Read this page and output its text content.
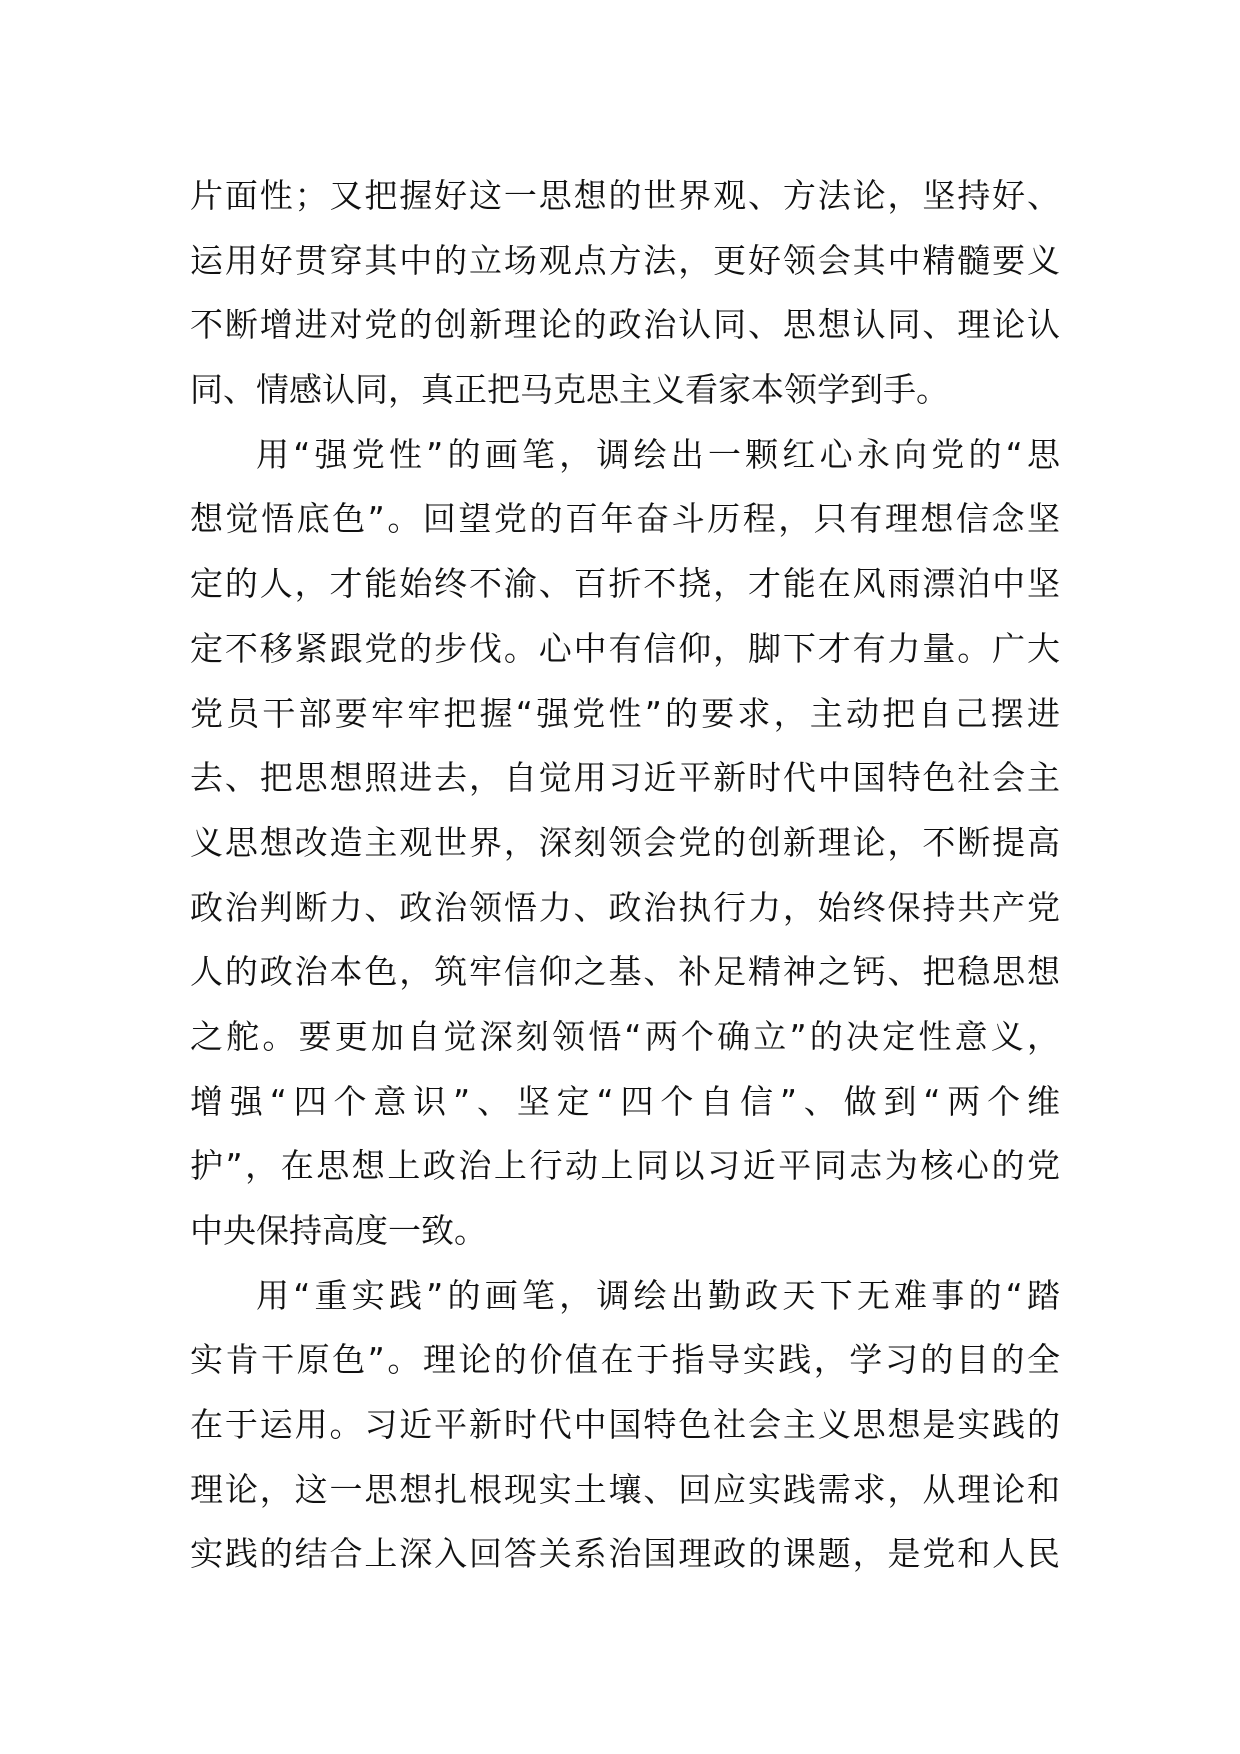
片面性；又把握好这一思想的世界观、方法论，坚持好、
运用好贯穿其中的立场观点方法，更好领会其中精髓要义
不断增进对党的创新理论的政治认同、思想认同、理论认
同、情感认同，真正把马克思主义看家本领学到手。
用“强党性”的画笔，调绘出一颗红心永向党的“思
想觉悟底色”。回望党的百年奋斗历程，只有理想信念坚
定的人，才能始终不渝、百折不挠，才能在风雨漂泊中坚
定不移紧跟党的步伐。心中有信仰，脚下才有力量。广大
党员干部要牢牢把握“强党性”的要求，主动把自己摆进
去、把思想照进去，自觉用习近平新时代中国特色社会主
义思想改造主观世界，深刻领会党的创新理论，不断提高
政治判断力、政治领悟力、政治执行力，始终保持共产党
人的政治本色，筑牢信仰之基、补足精神之钙、把稳思想
之舵。要更加自觉深刻领悟“两个确立”的决定性意义，
增强“四个意识”、坚定“四个自信”、做到“两个维
护”，在思想上政治上行动上同以习近平同志为核心的党
中央保持高度一致。
用“重实践”的画笔，调绘出勤政天下无难事的“踏
实肯干原色”。理论的价值在于指导实践，学习的目的全
在于运用。习近平新时代中国特色社会主义思想是实践的
理论，这一思想扎根现实土壤、回应实践需求，从理论和
实践的结合上深入回答关系治国理政的课题，是党和人民
